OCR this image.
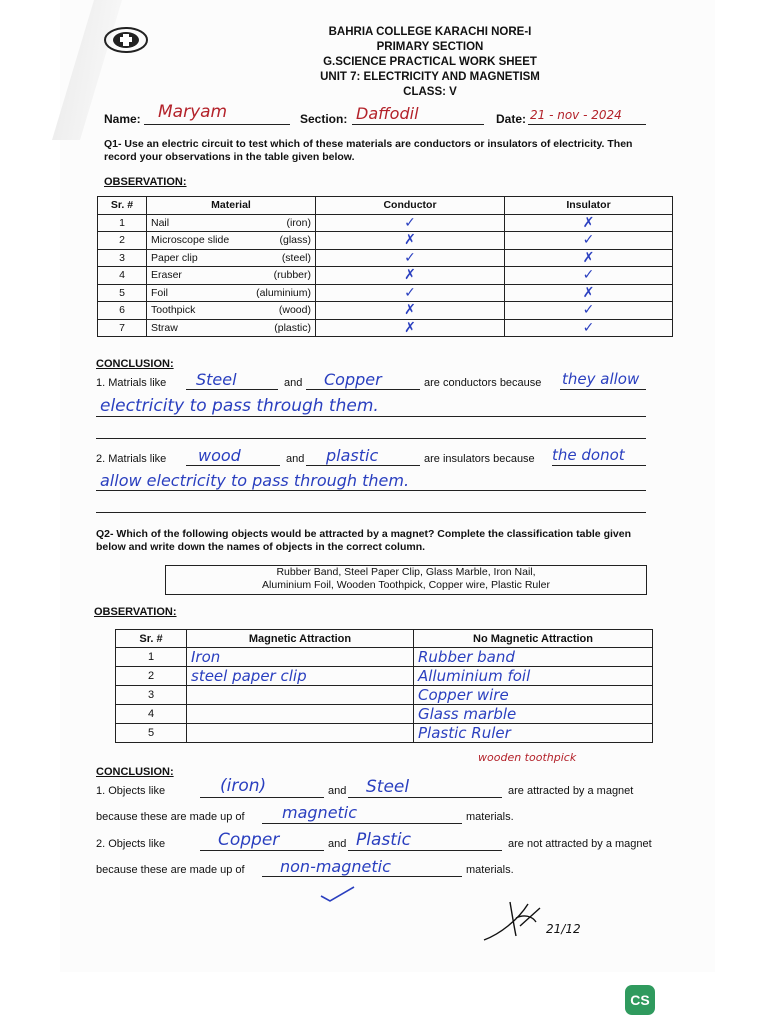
BAHRIA COLLEGE KARACHI NORE-I
PRIMARY SECTION
G.SCIENCE PRACTICAL WORK SHEET
UNIT 7: ELECTRICITY AND MAGNETISM
CLASS: V
Name: Maryam	Section: Daffodil	Date: 21 - nov - 2024
Q1- Use an electric circuit to test which of these materials are conductors or insulators of electricity. Then record your observations in the table given below.
OBSERVATION:
Sr. #	Material	Conductor	Insulator
1	Nail (iron)	✓	✗
2	Microscope slide (glass)	✗	✓
3	Paper clip (steel)	✓	✗
4	Eraser (rubber)	✗	✓
5	Foil (aluminium)	✓	✗
6	Toothpick (wood)	✗	✓
7	Straw (plastic)	✗	✓
CONCLUSION:
1. Matrials like Steel	and Copper	are conductors because they allow
electricity to pass through them.
2. Matrials like wood	and plastic	are insulators because the donot
allow electricity to pass through them.
Q2- Which of the following objects would be attracted by a magnet? Complete the classification table given below and write down the names of objects in the correct column.
Rubber Band, Steel Paper Clip, Glass Marble, Iron Nail,
Aluminium Foil, Wooden Toothpick, Copper wire, Plastic Ruler
OBSERVATION:
Sr. #	Magnetic Attraction	No Magnetic Attraction
1	Iron	Rubber band
2	steel paper clip	Alluminium foil
3		Copper wire
4		Glass marble
5		Plastic Ruler
wooden toothpick
CONCLUSION:
1. Objects like	(iron)	and Steel	are attracted by a magnet
because these are made up of magnetic	materials.
2. Objects like	Copper	and Plastic	are not attracted by a magnet
because these are made up of non-magnetic	materials.
21/12
CS
